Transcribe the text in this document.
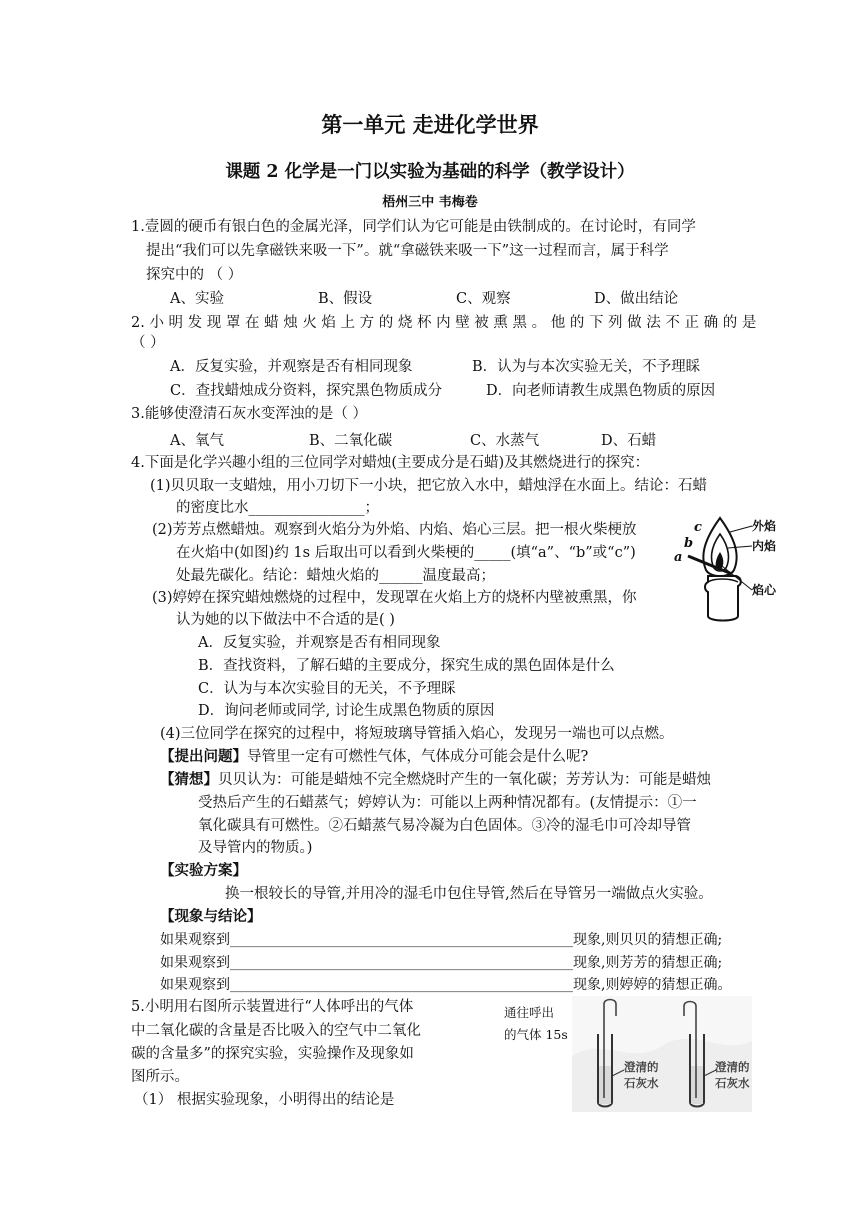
第一单元 走进化学世界
课题 2 化学是一门以实验为基础的科学（教学设计）
梧州三中 韦梅卷
1.壹圆的硬币有银白色的金属光泽，同学们认为它可能是由铁制成的。在讨论时，有同学
提出“我们可以先拿磁铁来吸一下”。就“拿磁铁来吸一下”这一过程而言，属于科学
探究中的 （ ）
A、实验	B、假设	C、观察	D、做出结论
2. 小 明 发 现 罩 在 蜡 烛 火 焰 上 方 的 烧 杯 内 壁 被 熏 黑 。 他 的 下 列 做 法 不 正 确 的 是
（ ）
A．反复实验，并观察是否有相同现象	B．认为与本次实验无关，不予理睬
C．查找蜡烛成分资料，探究黑色物质成分	D．向老师请教生成黑色物质的原因
3.能够使澄清石灰水变浑浊的是（ ）
A、氧气	B、二氧化碳	C、水蒸气	D、石蜡
4.下面是化学兴趣小组的三位同学对蜡烛(主要成分是石蜡)及其燃烧进行的探究：
(1)贝贝取一支蜡烛，用小刀切下一小块，把它放入水中，蜡烛浮在水面上。结论：石蜡
的密度比水________________；
(2)芳芳点燃蜡烛。观察到火焰分为外焰、内焰、焰心三层。把一根火柴梗放
在火焰中(如图)约 1s 后取出可以看到火柴梗的_____(填“a”、“b”或“c”)
处最先碳化。结论：蜡烛火焰的______温度最高；
(3)婷婷在探究蜡烛燃烧的过程中，发现罩在火焰上方的烧杯内壁被熏黑，你
认为她的以下做法中不合适的是( )
A．反复实验，并观察是否有相同现象
B．查找资料，了解石蜡的主要成分，探究生成的黑色固体是什么
C．认为与本次实验目的无关，不予理睬
D．询问老师或同学, 讨论生成黑色物质的原因
(4)三位同学在探究的过程中，将短玻璃导管插入焰心，发现另一端也可以点燃。
【提出问题】导管里一定有可燃性气体，气体成分可能会是什么呢?
【猜想】贝贝认为：可能是蜡烛不完全燃烧时产生的一氧化碳；芳芳认为：可能是蜡烛
受热后产生的石蜡蒸气；婷婷认为：可能以上两种情况都有。(友情提示：①一
氧化碳具有可燃性。②石蜡蒸气易冷凝为白色固体。③冷的湿毛巾可冷却导管
及导管内的物质。)
【实验方案】
换一根较长的导管,并用冷的湿毛巾包住导管,然后在导管另一端做点火实验。
【现象与结论】
如果观察到_________________________________________________现象,则贝贝的猜想正确;
如果观察到_________________________________________________现象,则芳芳的猜想正确;
如果观察到_________________________________________________现象,则婷婷的猜想正确。
c
b
a
外焰
内焰
焰心
5.小明用右图所示装置进行“人体呼出的气体
中二氧化碳的含量是否比吸入的空气中二氧化
碳的含量多”的探究实验，实验操作及现象如
图所示。
（1） 根据实验现象，小明得出的结论是
通往呼出
的气体 15s
澄清的
石灰水
澄清的
石灰水
